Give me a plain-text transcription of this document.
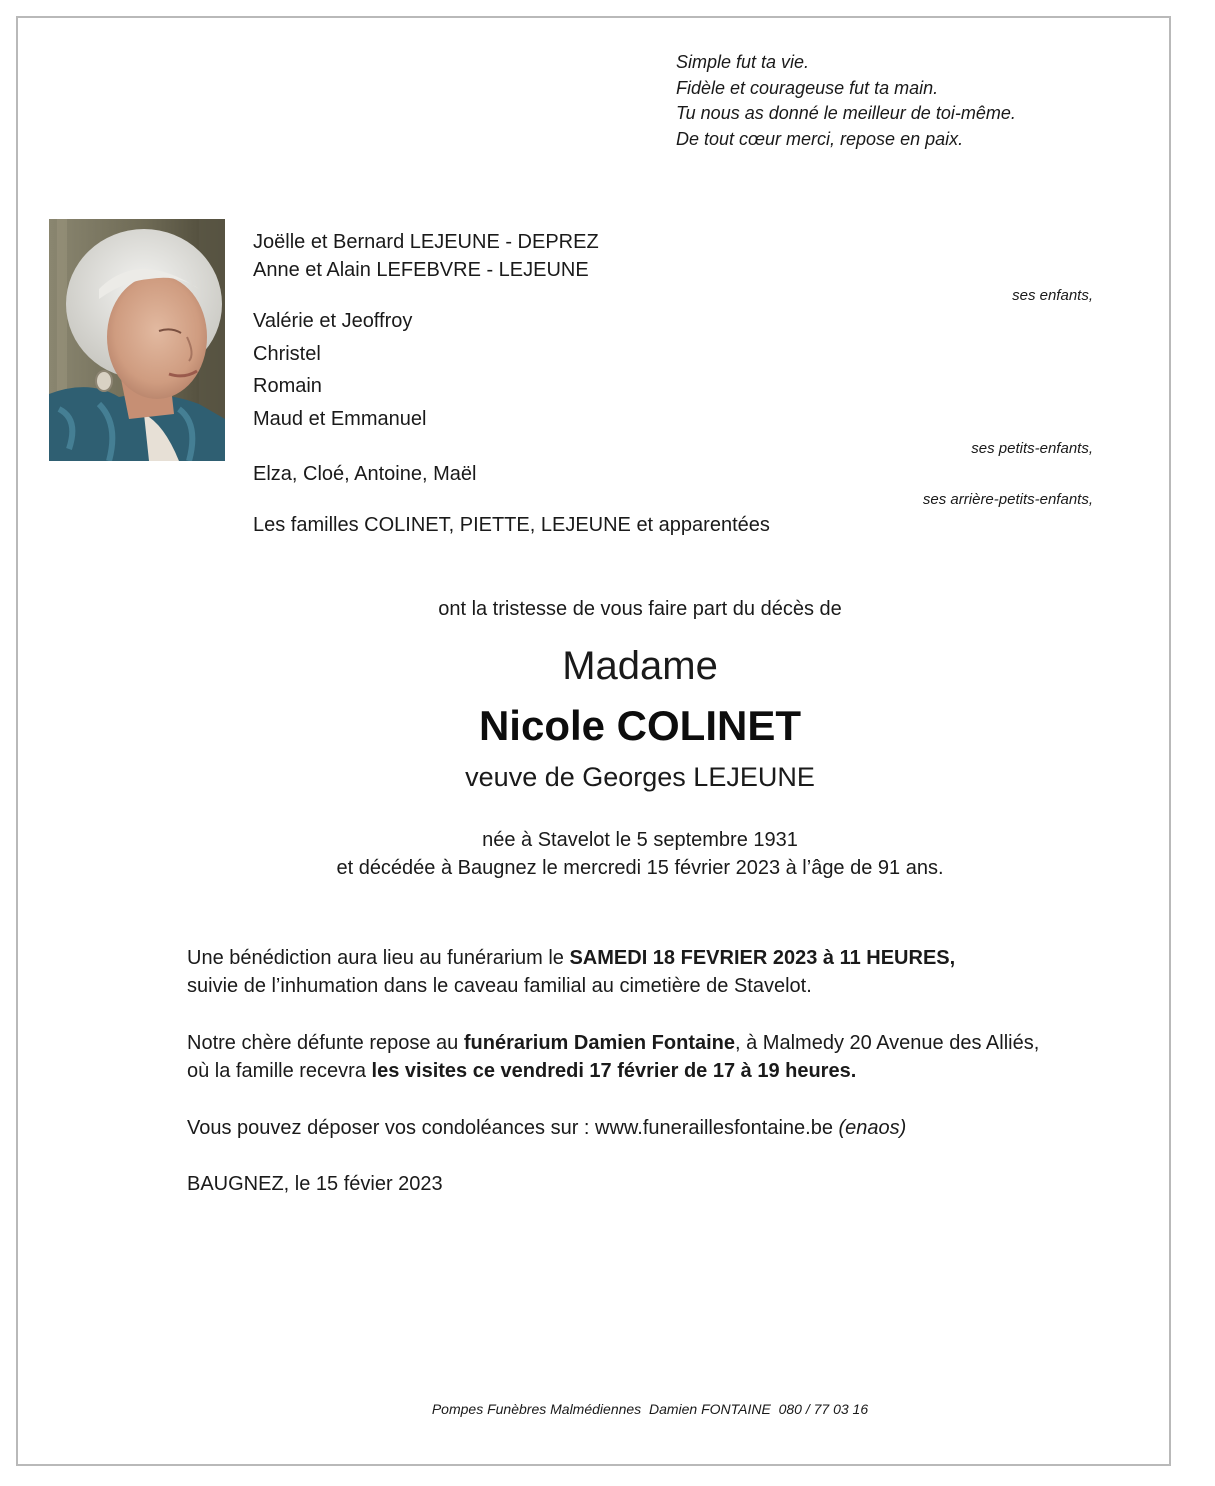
Simple fut ta vie.
Fidèle et courageuse fut ta main.
Tu nous as donné le meilleur de toi-même.
De tout cœur merci, repose en paix.
Joëlle et Bernard LEJEUNE - DEPREZ
Anne et Alain LEFEBVRE - LEJEUNE
ses enfants,
Valérie et Jeoffroy
Christel
Romain
Maud et Emmanuel
ses petits-enfants,
Elza, Cloé, Antoine, Maël
ses arrière-petits-enfants,
Les familles COLINET, PIETTE, LEJEUNE et apparentées
ont la tristesse de vous faire part du décès de
Madame
Nicole COLINET
veuve de Georges LEJEUNE
née à Stavelot le 5 septembre 1931
et décédée à Baugnez le mercredi 15 février 2023 à l’âge de 91 ans.
Une bénédiction aura lieu au funérarium le SAMEDI 18 FEVRIER 2023 à 11 HEURES,
suivie de l’inhumation dans le caveau familial au cimetière de Stavelot.
Notre chère défunte repose au funérarium Damien Fontaine, à Malmedy 20 Avenue des Alliés,
où la famille recevra les visites ce vendredi 17 février de 17 à 19 heures.
Vous pouvez déposer vos condoléances sur : www.funeraillesfontaine.be (enaos)
BAUGNEZ, le 15 févier 2023
Pompes Funèbres Malmédiennes  Damien FONTAINE  080 / 77 03 16
